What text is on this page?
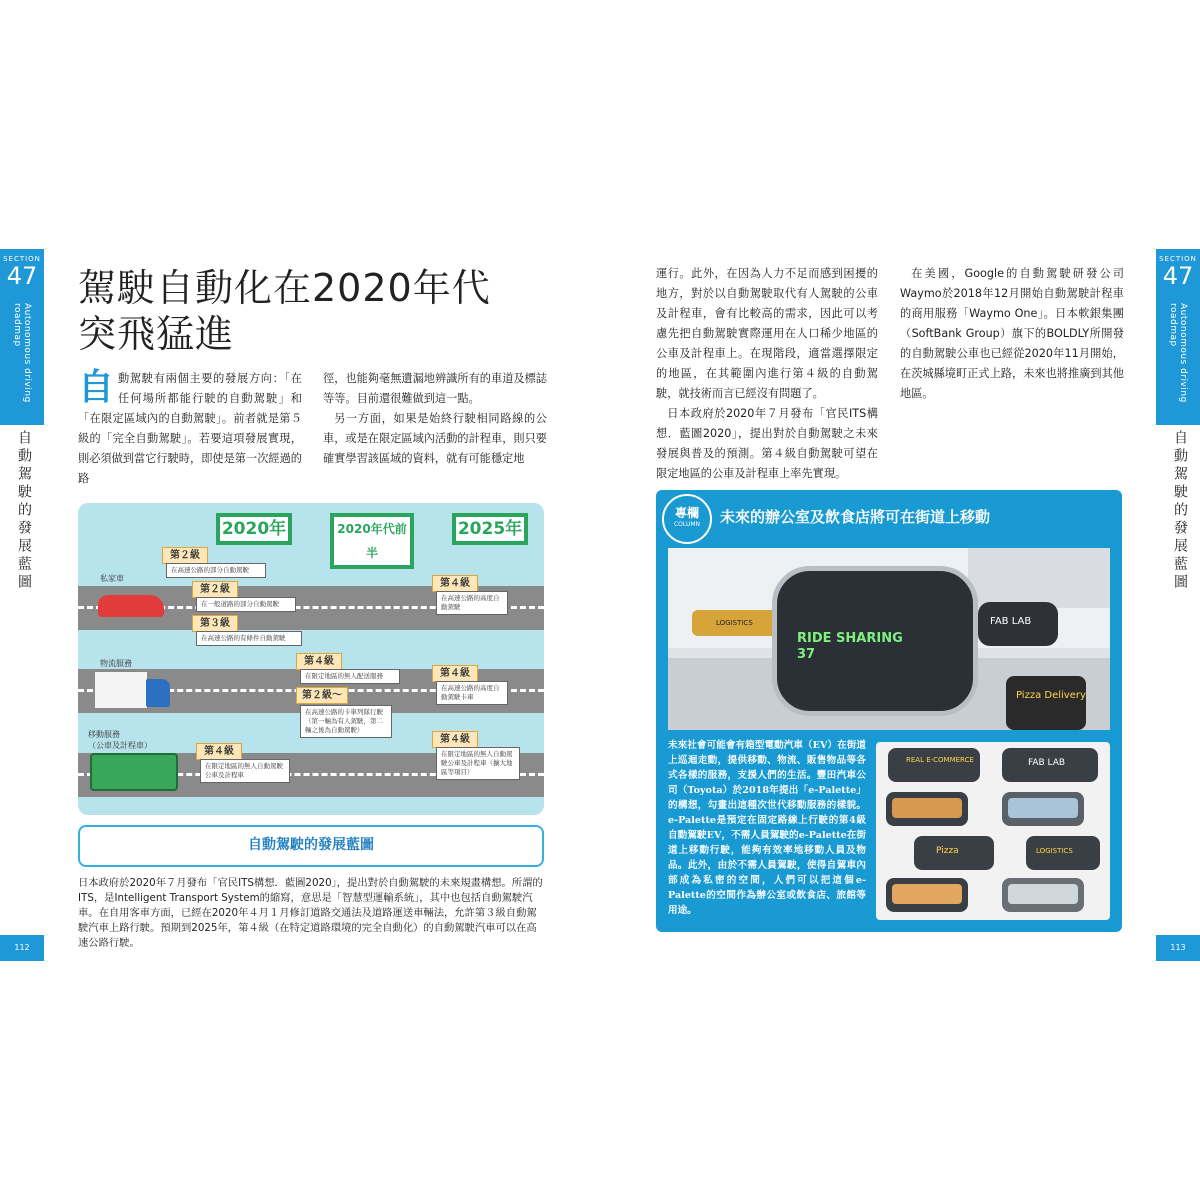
SECTION
47
Autonomous driving roadmap
自動駕駛的發展藍圖
112
駕駛自動化在2020年代
突飛猛進
自動駕駛有兩個主要的發展方向：「在任何場所都能行駛的自動駕駛」和「在限定區域內的自動駕駛」。前者就是第５級的「完全自動駕駛」。若要這項發展實現，則必須做到當它行駛時，即使是第一次經過的路
徑，也能夠毫無遺漏地辨識所有的車道及標誌等等。目前還很難做到這一點。
另一方面，如果是始終行駛相同路線的公車，或是在限定區域內活動的計程車，則只要確實學習該區域的資料，就有可能穩定地
2020年	2020年代前半
2025年
私家車
物流服務
移動服務
（公車及計程車）
第２級
在高速公路的部分自動駕駛
第２級
在一般道路的部分自動駕駛
第３級
在高速公路的有條件自動駕駛
第４級
在高速公路的高度自動駕駛
第４級
在限定地區的無人配送服務
第２級～
在高速公路的卡車列隊行駛（第一輛為有人駕駛，第二輛之後為自動駕駛）
第４級
在高速公路的高度自動駕駛卡車
第４級
在限定地區的無人自動駕駛公車及計程車
第４級
在限定地區的無人自動駕駛公車及計程車（擴大地區等項目）
自動駕駛的發展藍圖
日本政府於2020年７月發布「官民ITS構想．藍圖2020」，提出對於自動駕駛的未來規畫構想。所謂的ITS，是Intelligent Transport System的縮寫，意思是「智慧型運輸系統」，其中也包括自動駕駛汽車。在自用客車方面，已經在2020年４月１月修訂道路交通法及道路運送車輛法，允許第３級自動駕駛汽車上路行駛。預期到2025年，第４級（在特定道路環境的完全自動化）的自動駕駛汽車可以在高速公路行駛。
運行。此外，在因為人力不足而感到困擾的地方，對於以自動駕駛取代有人駕駛的公車及計程車，會有比較高的需求，因此可以考慮先把自動駕駛實際運用在人口稀少地區的公車及計程車上。在現階段，適當選擇限定的地區，在其範圍內進行第４級的自動駕駛，就技術而言已經沒有問題了。
日本政府於2020年７月發布「官民ITS構想．藍圖2020」，提出對於自動駕駛之未來發展與普及的預測。第４級自動駕駛可望在限定地區的公車及計程車上率先實現。
在美國，Google的自動駕駛研發公司Waymo於2018年12月開始自動駕駛計程車的商用服務「Waymo One」。日本軟銀集團（SoftBank Group）旗下的BOLDLY所開發的自動駕駛公車也已經從2020年11月開始，在茨城縣境町正式上路，未來也將推廣到其他地區。
SECTION
47
Autonomous driving roadmap
自動駕駛的發展藍圖
113
專欄
COLUMN	未來的辦公室及飲食店將可在街道上移動
LOGISTICS	FAB LAB
RIDE SHARING 37
Pizza Delivery
未來社會可能會有箱型電動汽車（EV）在街道上巡迴走動，提供移動、物流、販售物品等各式各樣的服務，支援人們的生活。豐田汽車公司（Toyota）於2018年提出「e-Palette」的構想，勾畫出這種次世代移動服務的樣貌。e-Palette是預定在固定路線上行駛的第4級自動駕駛EV，不需人員駕駛的e-Palette在街道上移動行駛，能夠有效率地移動人員及物品。此外，由於不需人員駕駛，使得自駕車內部成為私密的空間，人們可以把這個e-Palette的空間作為辦公室或飲食店、旅館等用途。
REAL E-COMMERCE	FAB LAB
Pizza	LOGISTICS
